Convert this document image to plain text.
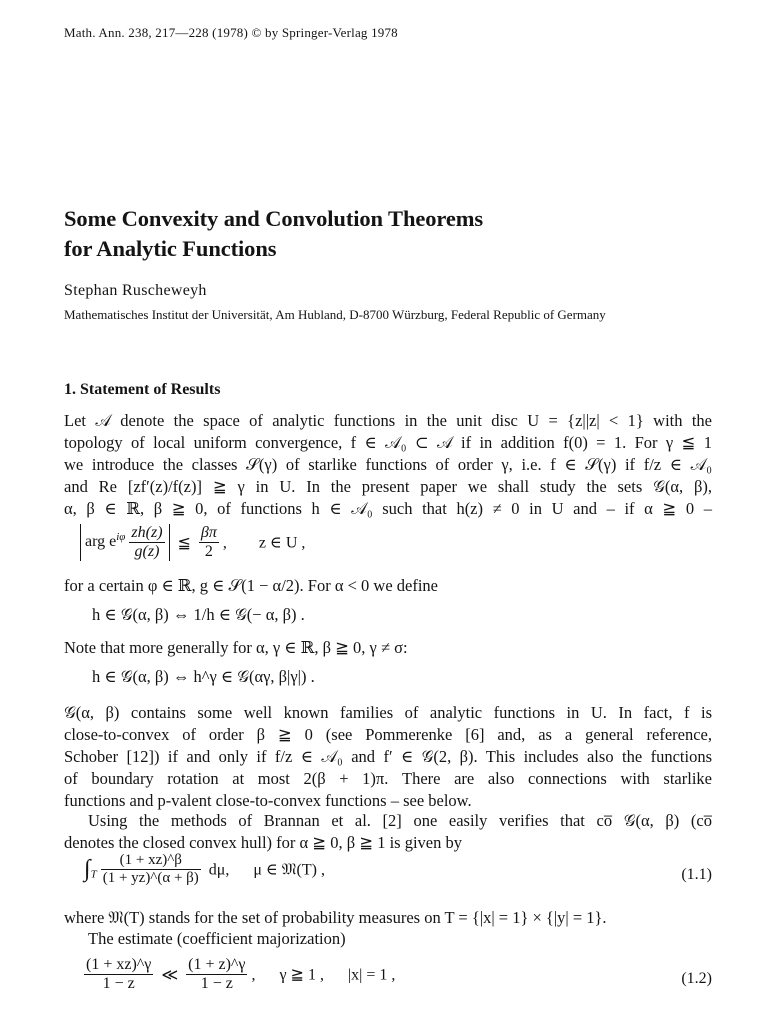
Math. Ann. 238, 217—228 (1978) © by Springer-Verlag 1978
Some Convexity and Convolution Theorems
for Analytic Functions
Stephan Ruscheweyh
Mathematisches Institut der Universität, Am Hubland, D-8700 Würzburg, Federal Republic of Germany
1. Statement of Results
Let 𝒜 denote the space of analytic functions in the unit disc U = {z||z| < 1} with the
topology of local uniform convergence, f ∈ 𝒜₀ ⊂ 𝒜 if in addition f(0) = 1. For γ ≦ 1
we introduce the classes 𝒮(γ) of starlike functions of order γ, i.e. f ∈ 𝒮(γ) if f/z ∈ 𝒜₀
and Re [zf′(z)/f(z)] ≧ γ in U. In the present paper we shall study the sets 𝒢(α, β),
α, β ∈ ℝ, β ≧ 0, of functions h ∈ 𝒜₀ such that h(z) ≠ 0 in U and – if α ≧ 0 –
arg $e^{i\varphi} \frac{zh(z)}{g(z)}$ ≦ $\frac{\beta\pi}{2}$ ,        z ∈ U ,
for a certain φ ∈ ℝ, g ∈ 𝒮(1 − α/2). For α < 0 we define
h ∈ 𝒢(α, β) ⇔ 1/h ∈ 𝒢(− α, β) .
Note that more generally for α, γ ∈ ℝ, β ≧ 0, γ ≠ σ:
h ∈ 𝒢(α, β) ⇔ h^γ ∈ 𝒢(αγ, β|γ|) .
𝒢(α, β) contains some well known families of analytic functions in U. In fact, f is
close-to-convex of order β ≧ 0 (see Pommerenke [6] and, as a general reference,
Schober [12]) if and only if f/z ∈ 𝒜₀ and f′ ∈ 𝒢(2, β). This includes also the functions
of boundary rotation at most 2(β + 1)π. There are also connections with starlike
functions and p-valent close-to-convex functions – see below.
Using the methods of Brannan et al. [2] one easily verifies that co̅ 𝒢(α, β) (co̅
denotes the closed convex hull) for α ≧ 0, β ≧ 1 is given by
$\int_T \frac{(1 + xz)\^{}\beta}{(1 + yz)\^{}(\alpha + \beta)} d\mu$,      μ ∈ 𝔐(T) ,	(1.1)
where 𝔐(T) stands for the set of probability measures on T = {|x| = 1} × {|y| = 1}.
The estimate (coefficient majorization)
$\frac{(1 + xz)\^{}\gamma}{1 - z}$ ≪ $\frac{(1 + z)\^{}\gamma}{1 - z}$ ,      γ ≧ 1 ,      |x| = 1 ,	(1.2)
